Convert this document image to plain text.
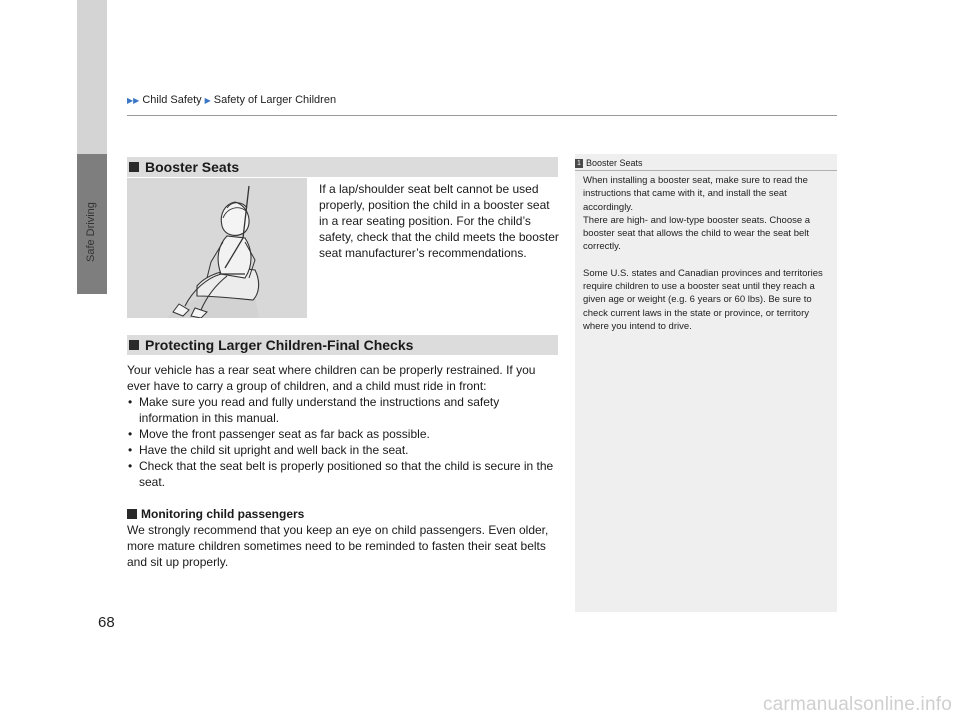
Safe Driving
▶▶ Child Safety ▶ Safety of Larger Children
Booster Seats
If a lap/shoulder seat belt cannot be used properly, position the child in a booster seat in a rear seating position. For the child’s safety, check that the child meets the booster seat manufacturer’s recommendations.
Protecting Larger Children-Final Checks

Your vehicle has a rear seat where children can be properly restrained. If you ever have to carry a group of children, and a child must ride in front:

• Make sure you read and fully understand the instructions and safety information in this manual.
• Move the front passenger seat as far back as possible.
• Have the child sit upright and well back in the seat.
• Check that the seat belt is properly positioned so that the child is secure in the seat.
Monitoring child passengers

We strongly recommend that you keep an eye on child passengers. Even older, more mature children sometimes need to be reminded to fasten their seat belts and sit up properly.

1 Booster Seats

When installing a booster seat, make sure to read the instructions that came with it, and install the seat accordingly.

There are high- and low-type booster seats. Choose a booster seat that allows the child to wear the seat belt correctly.

Some U.S. states and Canadian provinces and territories require children to use a booster seat until they reach a given age or weight (e.g. 6 years or 60 lbs). Be sure to check current laws in the state or province, or territory where you intend to drive.

68
carmanualsonline.info
